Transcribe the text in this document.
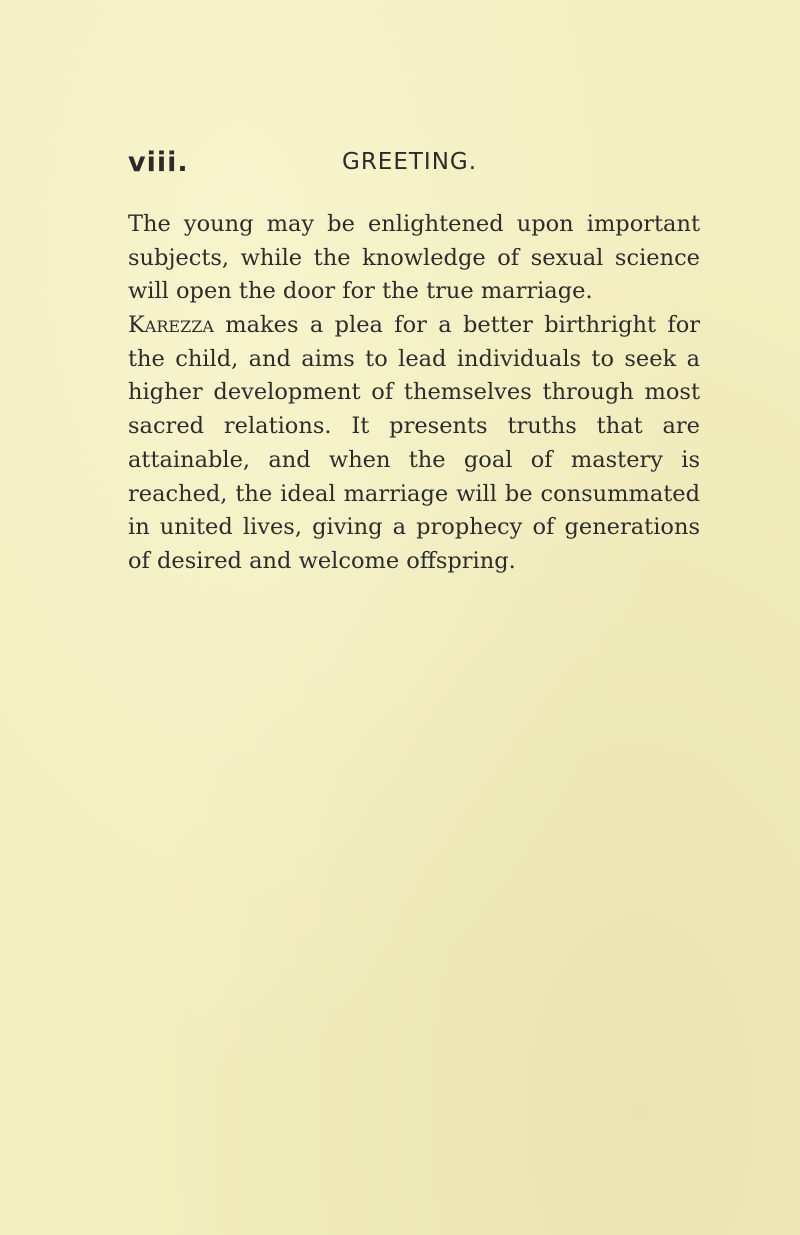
viii.	GREETING.
The young may be enlightened upon important
subjects, while the knowledge of sexual science
will open the door for the true marriage.
Karezza makes a plea for a better birthright for
the child, and aims to lead individuals to seek a
higher development of themselves through most
sacred relations. It presents truths that are
attainable, and when the goal of mastery is
reached, the ideal marriage will be consummated
in united lives, giving a prophecy of generations
of desired and welcome offspring.
